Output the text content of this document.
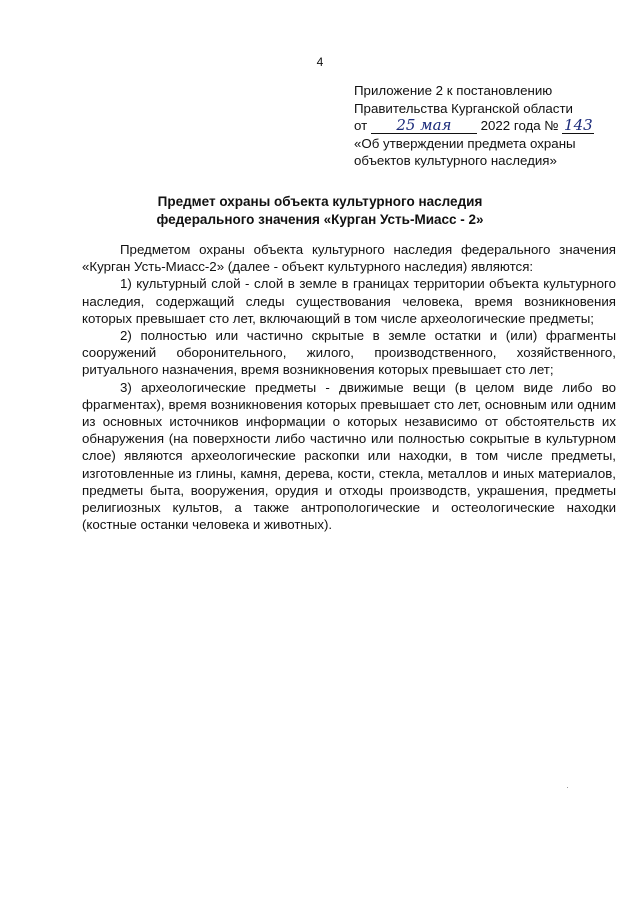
4
Приложение 2 к постановлению
Правительства Курганской области
от 25 мая 2022 года № 143
«Об утверждении предмета охраны
объектов культурного наследия»
Предмет охраны объекта культурного наследия
федерального значения «Курган Усть-Миасс - 2»

Предметом охраны объекта культурного наследия федерального значения «Курган Усть-Миасс-2» (далее - объект культурного наследия) являются:

1) культурный слой - слой в земле в границах территории объекта культурного наследия, содержащий следы существования человека, время возникновения которых превышает сто лет, включающий в том числе археологические предметы;

2) полностью или частично скрытые в земле остатки и (или) фрагменты сооружений оборонительного, жилого, производственного, хозяйственного, ритуального назначения, время возникновения которых превышает сто лет;

3) археологические предметы - движимые вещи (в целом виде либо во фрагментах), время возникновения которых превышает сто лет, основным или одним из основных источников информации о которых независимо от обстоятельств их обнаружения (на поверхности либо частично или полностью сокрытые в культурном слое) являются археологические раскопки или находки, в том числе предметы, изготовленные из глины, камня, дерева, кости, стекла, металлов и иных материалов, предметы быта, вооружения, орудия и отходы производств, украшения, предметы религиозных культов, а также антропологические и остеологические находки (костные останки человека и животных).
